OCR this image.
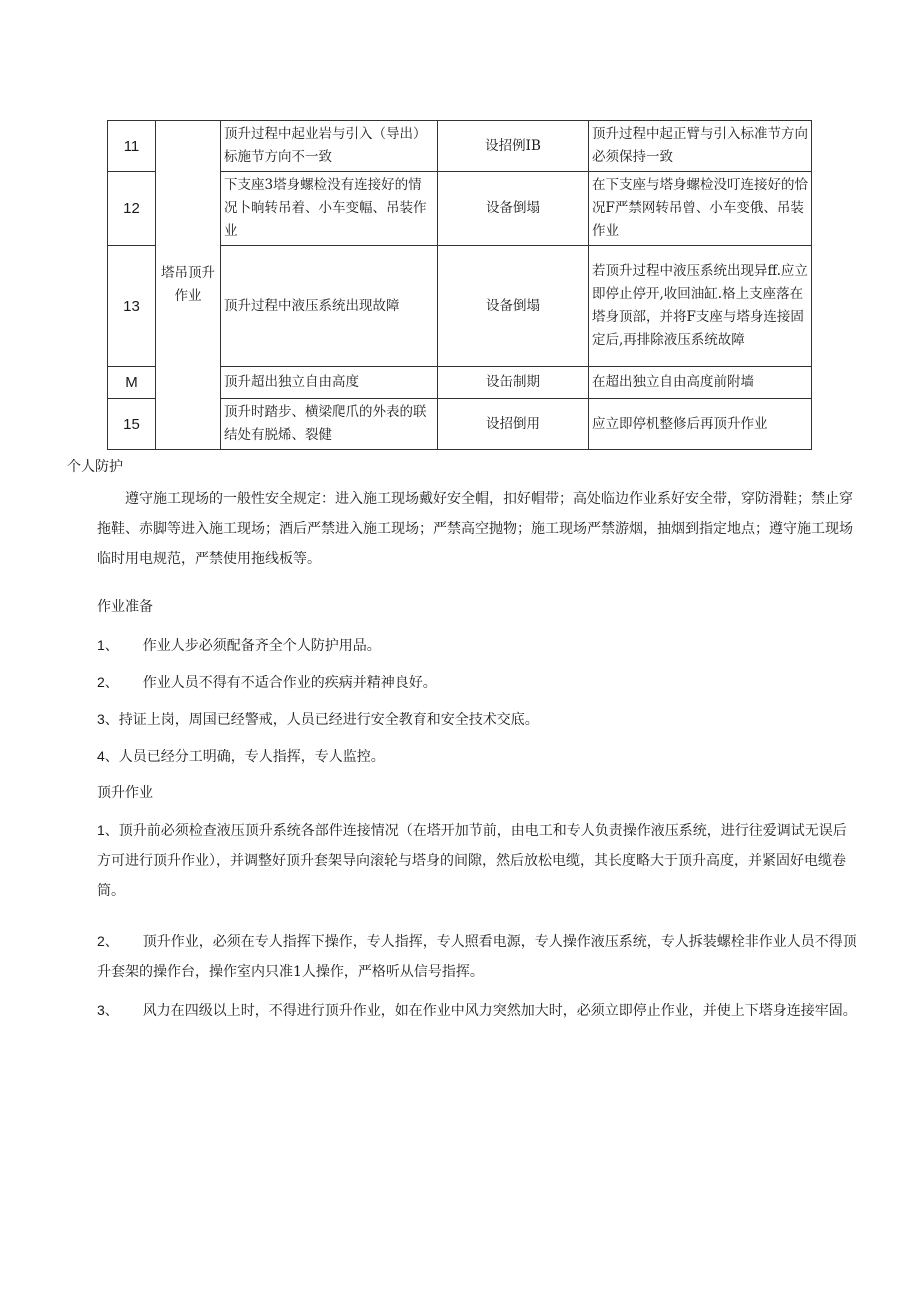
11	塔吊顶升作业	顶升过程中起业岩与引入（导出）标施节方向不一致	设招例IB	顶升过程中起正臂与引入标准节方向必须保持一致
12		下支座3塔身螺检没有连接好的情况卜晌转吊着、小车变幅、吊装作业	设备倒塌	在下支座与塔身螺检没叮连接好的恰况F严禁网转吊曾、小车变俄、吊装作业
13		顶升过程中液压系统出现故障	设备倒塌	若顶升过程中液压系统出现异ff.应立即停止停开,收回油缸.格上支座落在塔身顶部，并将F支座与塔身连接固定后,再排除液压系统故障
M		顶升超出独立自由高度	设缶制期	在超出独立自由高度前附墙
15		顶升时踏步、横梁爬爪的外表的联结处有脱烯、裂健	设招倒用	应立即停机整修后再顶升作业

个人防护

遵守施工现场的一般性安全规定：进入施工现场戴好安全帽，扣好帽带；高处临边作业系好安全带，穿防滑鞋；禁止穿拖鞋、赤脚等进入施工现场；酒后严禁进入施工现场；严禁高空抛物；施工现场严禁游烟，抽烟到指定地点；遵守施工现场临时用电规范，严禁使用拖线板等。

作业准备

1、 作业人步必须配备齐全个人防护用品。

2、 作业人员不得有不适合作业的疾病并精神良好。

3、持证上岗，周国已经警戒，人员已经进行安全教育和安全技术交底。

4、人员已经分工明确，专人指挥，专人监控。

顶升作业

1、顶升前必须检查液压顶升系统各部件连接情况（在塔开加节前，由电工和专人负责操作液压系统，进行往爱调试无误后方可进行顶升作业），并调整好顶升套架导向滚轮与塔身的间隙，然后放松电缆，其长度略大于顶升高度，并紧固好电缆卷筒。

2、 顶升作业，必须在专人指挥下操作，专人指挥，专人照看电源，专人操作液压系统，专人拆装螺栓非作业人员不得顶升套架的操作台，操作室内只准1人操作，严格听从信号指挥。

3、 风力在四级以上时，不得进行顶升作业，如在作业中风力突然加大时，必须立即停止作业，并使上下塔身连接牢固。
